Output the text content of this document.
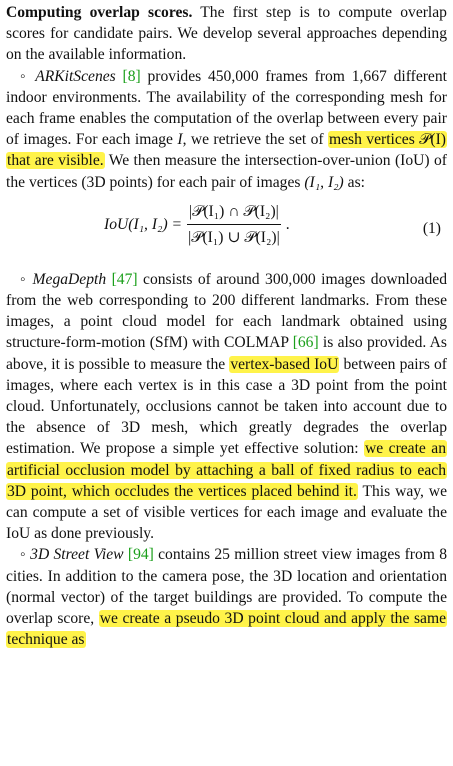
Computing overlap scores. The first step is to compute overlap scores for candidate pairs. We develop several approaches depending on the available information.

◦ ARKitScenes [8] provides 450,000 frames from 1,667 different indoor environments. The availability of the corresponding mesh for each frame enables the computation of the overlap between every pair of images. For each image I, we retrieve the set of mesh vertices 𝒫(I) that are visible. We then measure the intersection-over-union (IoU) of the vertices (3D points) for each pair of images (I₁, I₂) as:

IoU(I₁, $I_2) = \frac{\text{|𝒫(I₁) ∩ 𝒫(I₂)|}}{\text{|𝒫(I₁) ∪ 𝒫(I₂)|}}$ .	(1)

◦ MegaDepth [47] consists of around 300,000 images downloaded from the web corresponding to 200 different landmarks. From these images, a point cloud model for each landmark obtained using structure-form-motion (SfM) with COLMAP [66] is also provided. As above, it is possible to measure the vertex-based IoU between pairs of images, where each vertex is in this case a 3D point from the point cloud. Unfortunately, occlusions cannot be taken into account due to the absence of 3D mesh, which greatly degrades the overlap estimation. We propose a simple yet effective solution: we create an artificial occlusion model by attaching a ball of fixed radius to each 3D point, which occludes the vertices placed behind it. This way, we can compute a set of visible vertices for each image and evaluate the IoU as done previously.

◦ 3D Street View [94] contains 25 million street view images from 8 cities. In addition to the camera pose, the 3D location and orientation (normal vector) of the target buildings are provided. To compute the overlap score, we create a pseudo 3D point cloud and apply the same technique as
